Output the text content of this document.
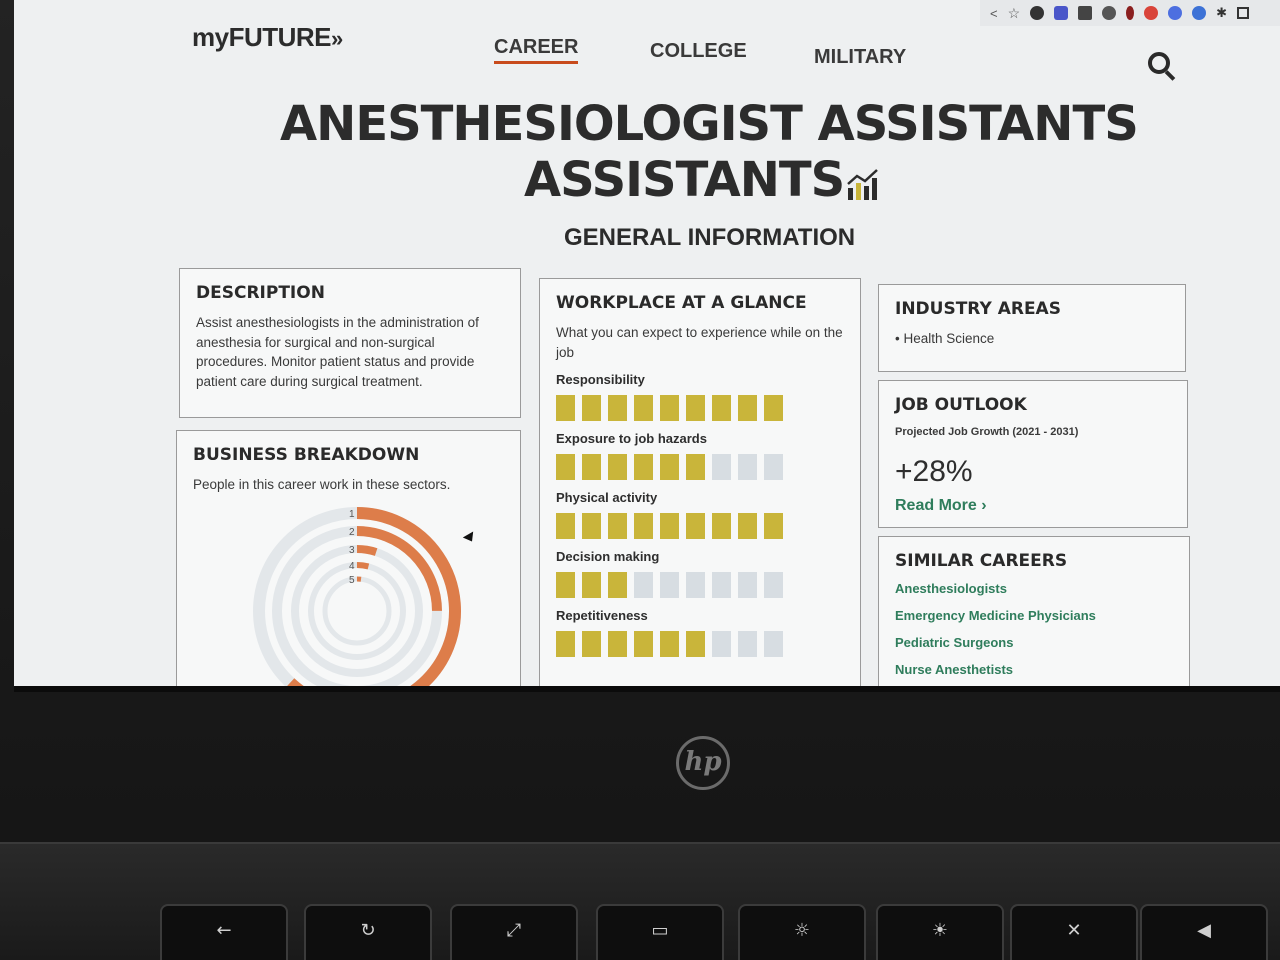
< ☆	✱
myFUTURE»	CAREER	COLLEGE	MILITARY
ANESTHESIOLOGIST ASSISTANTS
ASSISTANTS
GENERAL INFORMATION
DESCRIPTION

Assist anesthesiologists in the administration of anesthesia for surgical and non-surgical procedures. Monitor patient status and provide patient care during surgical treatment.

BUSINESS BREAKDOWN

People in this career work in these sectors.

1
2
3
4
5
WORKPLACE AT A GLANCE

What you can expect to experience while on the job

Responsibility
Exposure to job hazards
Physical activity
Decision making
Repetitiveness
INDUSTRY AREAS

• Health Science

JOB OUTLOOK

Projected Job Growth (2021 - 2031)

+28%
Read More ›
SIMILAR CAREERS
Anesthesiologists
Emergency Medicine Physicians
Pediatric Surgeons
Nurse Anesthetists
hp
←	↻	⤢	▭	☼	☀	✕	◀
